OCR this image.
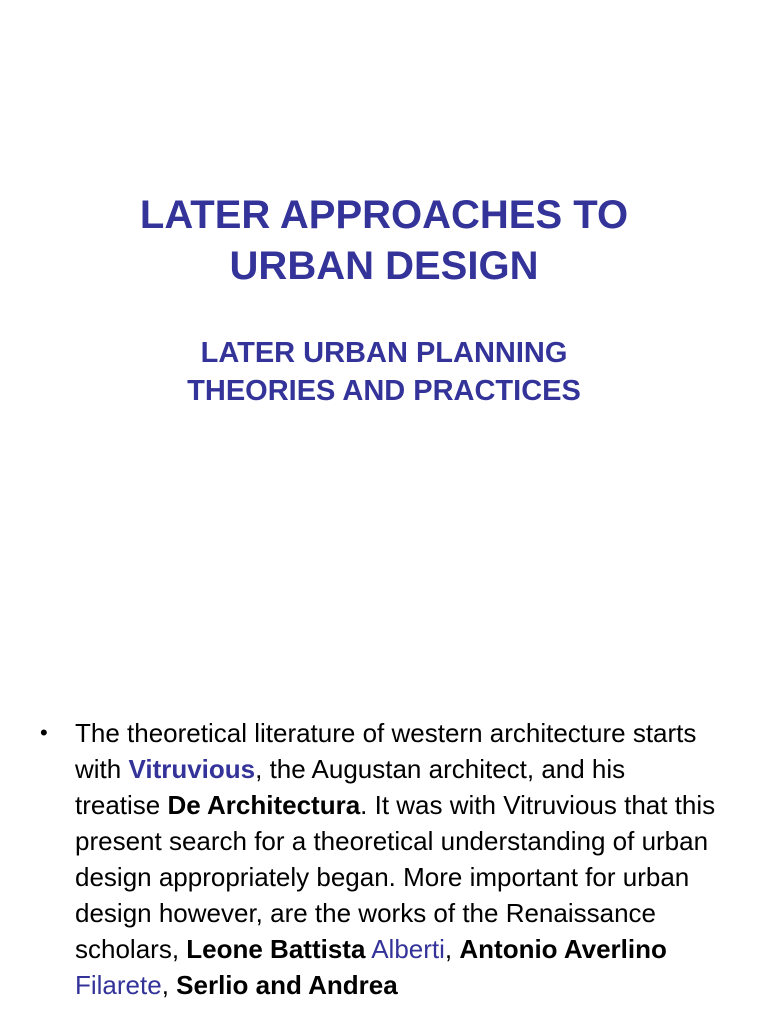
LATER APPROACHES TO
URBAN DESIGN
LATER URBAN PLANNING
THEORIES AND PRACTICES
• The theoretical literature of western architecture starts with Vitruvious, the Augustan architect, and his treatise De Architectura. It was with Vitruvious that this present search for a theoretical understanding of urban design appropriately began. More important for urban design however, are the works of the Renaissance scholars, Leone Battista Alberti, Antonio Averlino Filarete, Serlio and Andrea
